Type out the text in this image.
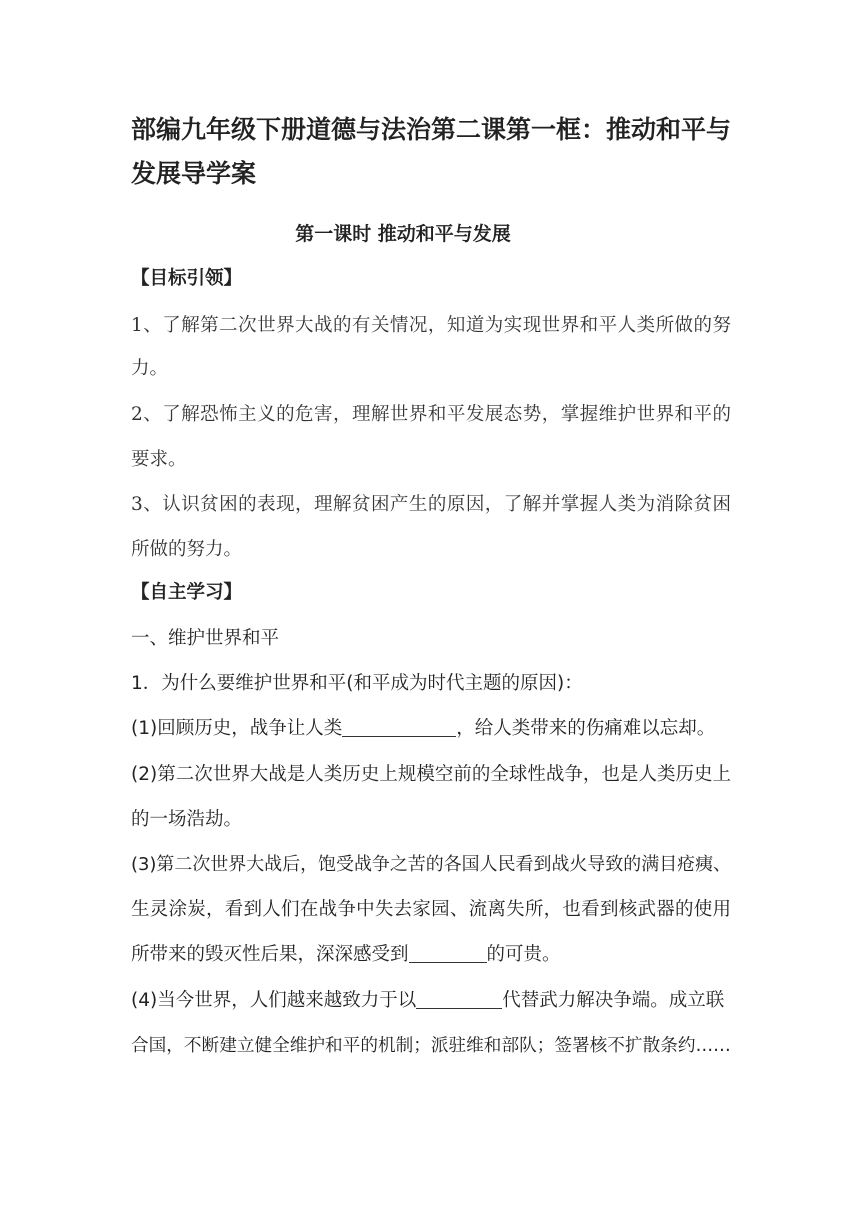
部编九年级下册道德与法治第二课第一框：推动和平与
发展导学案
第一课时 推动和平与发展
【目标引领】
1、了解第二次世界大战的有关情况，知道为实现世界和平人类所做的努
力。
2、了解恐怖主义的危害，理解世界和平发展态势，掌握维护世界和平的
要求。
3、认识贫困的表现，理解贫困产生的原因，了解并掌握人类为消除贫困
所做的努力。
【自主学习】
一、维护世界和平
1．为什么要维护世界和平(和平成为时代主题的原因)：
(1)回顾历史，战争让人类	，给人类带来的伤痛难以忘却。
(2)第二次世界大战是人类历史上规模空前的全球性战争，也是人类历史上
的一场浩劫。
(3)第二次世界大战后，饱受战争之苦的各国人民看到战火导致的满目疮痍、
生灵涂炭，看到人们在战争中失去家园、流离失所，也看到核武器的使用
所带来的毁灭性后果，深深感受到	的可贵。
(4)当今世界，人们越来越致力于以	代替武力解决争端。成立联
合国，不断建立健全维护和平的机制；派驻维和部队；签署核不扩散条约……
